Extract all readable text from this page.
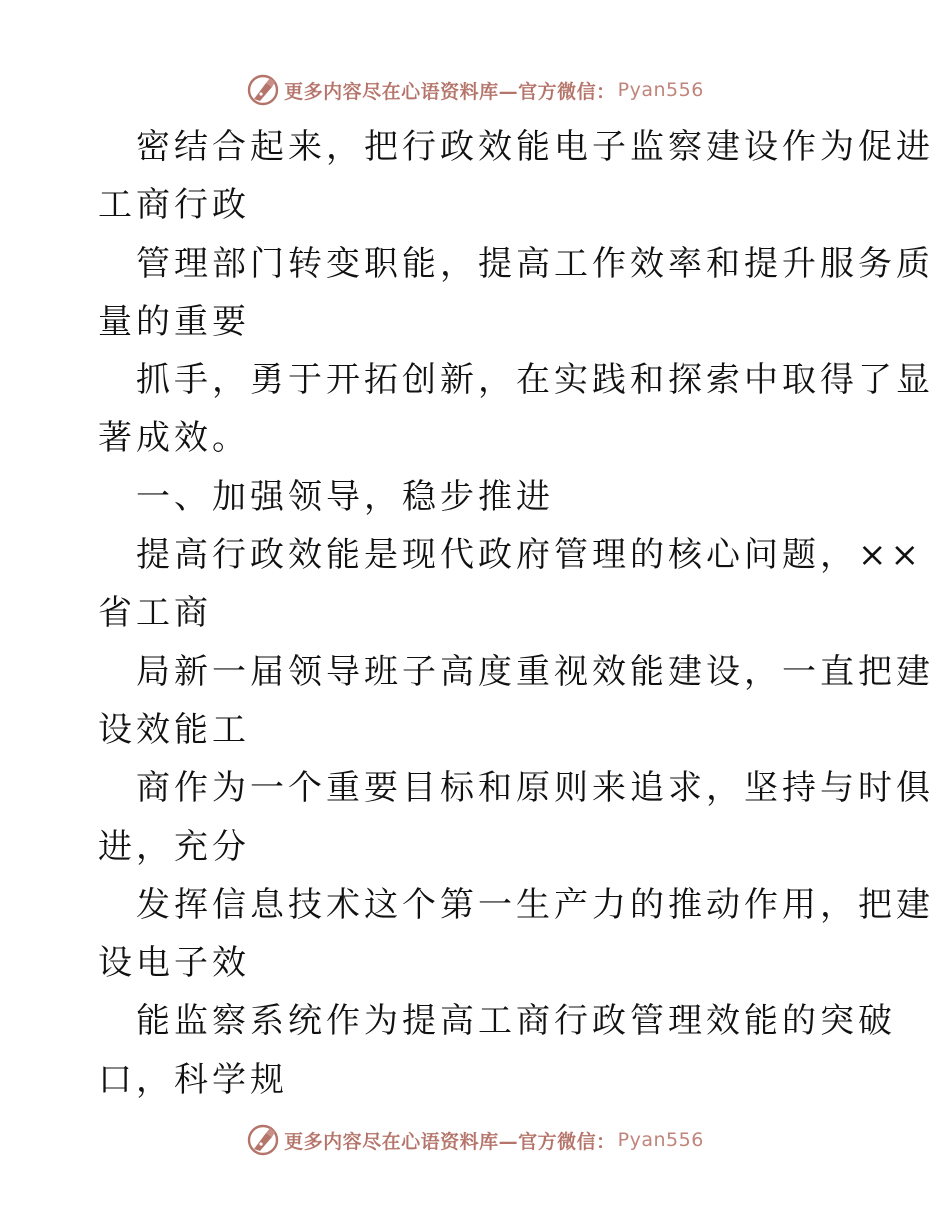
更多内容尽在心语资料库—官方微信： Pyan556

密结合起来，把行政效能电子监察建设作为促进

工商行政

管理部门转变职能，提高工作效率和提升服务质

量的重要

抓手，勇于开拓创新，在实践和探索中取得了显

著成效。

一、加强领导，稳步推进

提高行政效能是现代政府管理的核心问题，××

省工商

局新一届领导班子高度重视效能建设，一直把建

设效能工

商作为一个重要目标和原则来追求，坚持与时俱

进，充分

发挥信息技术这个第一生产力的推动作用，把建

设电子效

能监察系统作为提高工商行政管理效能的突破

口，科学规

更多内容尽在心语资料库—官方微信： Pyan556
